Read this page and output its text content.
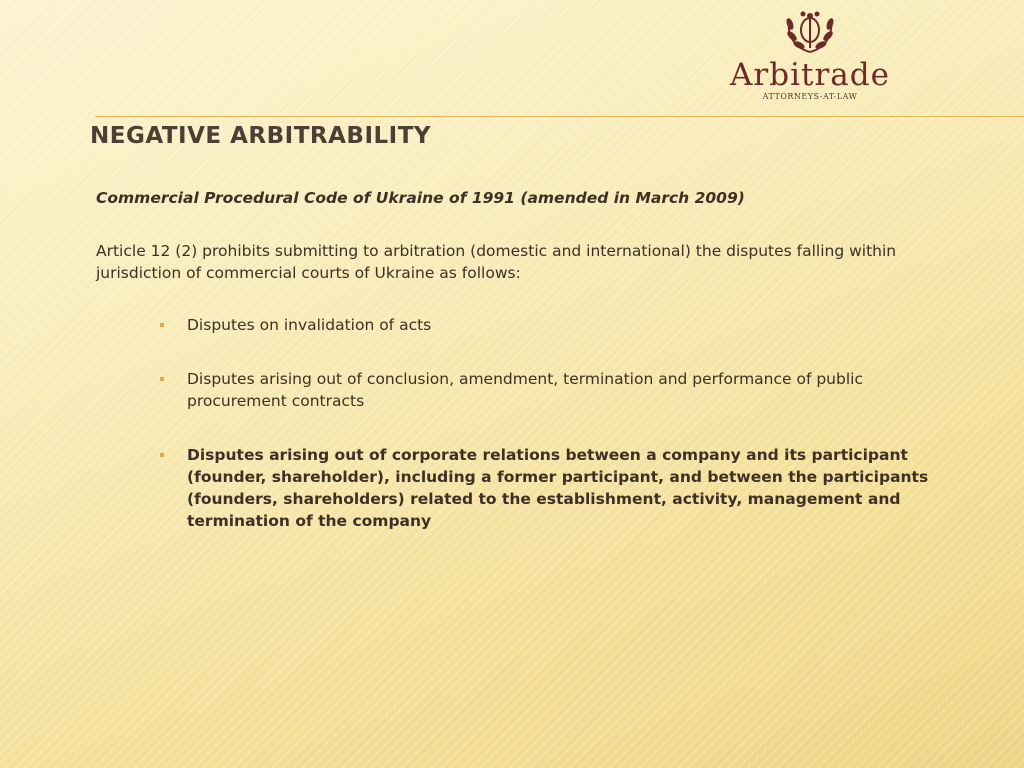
Arbitrade
ATTORNEYS-AT-LAW
NEGATIVE ARBITRABILITY

Commercial Procedural Code of Ukraine of 1991 (amended in March 2009)

Article 12 (2) prohibits submitting to arbitration (domestic and international) the disputes falling within jurisdiction of commercial courts of Ukraine as follows:

Disputes on invalidation of acts
Disputes arising out of conclusion, amendment, termination and performance of public procurement contracts
Disputes arising out of corporate relations between a company and its participant (founder, shareholder), including a former participant, and between the participants (founders, shareholders) related to the establishment, activity, management and termination of the company
